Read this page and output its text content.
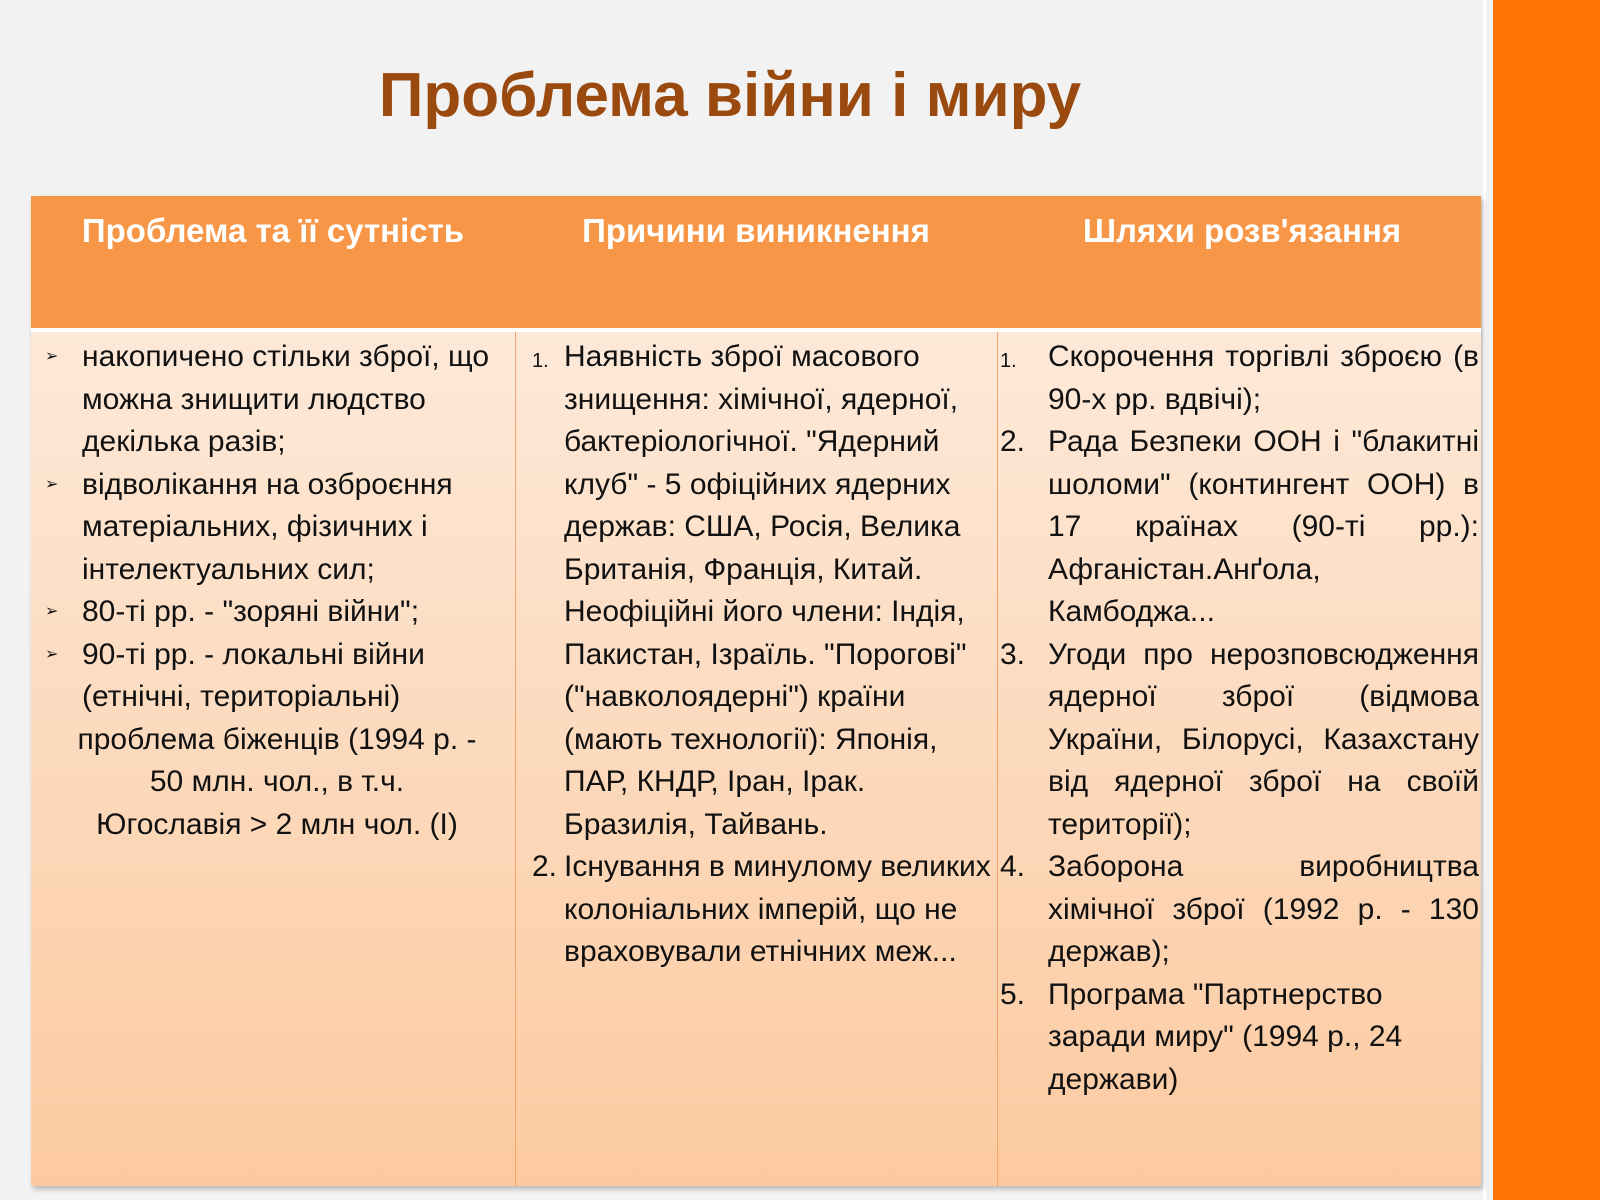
Проблема війни і миру
Проблема та її сутність	Причини виникнення	Шляхи розв'язання
➢ накопичено стільки зброї, що можна знищити людство декілька разів;
➢ відволікання на озброєння матеріальних, фізичних і інтелектуальних сил;
➢ 80-ті рр. - "зоряні війни";
➢ 90-ті рр. - локальні війни (етнічні, територіальні)
проблема біженців (1994 р. -
50 млн. чол., в т.ч.
Югославія > 2 млн чол. (І)
1. Наявність зброї масового знищення: хімічної, ядерної, бактеріологічної. "Ядерний клуб" - 5 офіційних ядерних держав: США, Росія, Велика Британія, Франція, Китай. Неофіційні його члени: Індія, Пакистан, Ізраїль. "Порогові" ("навколоядерні") країни (мають технології): Японія, ПАР, КНДР, Іран, Ірак. Бразилія, Тайвань.
2. Існування в минулому великих колоніальних імперій, що не враховували етнічних меж...
1. Скорочення торгівлі зброєю (в 90-х рр. вдвічі);
2. Рада Безпеки ООН і "блакитні шоломи" (контингент ООН) в 17 країнах (90-ті рр.): Афганістан.Анґола, Камбоджа...
3. Угоди про нерозповсюдження ядерної зброї (відмова України, Білорусі, Казахстану від ядерної зброї на своїй території);
4. Заборона виробництва хімічної зброї (1992 р. - 130 держав);
5. Програма "Партнерство заради миру" (1994 р., 24 держави)
